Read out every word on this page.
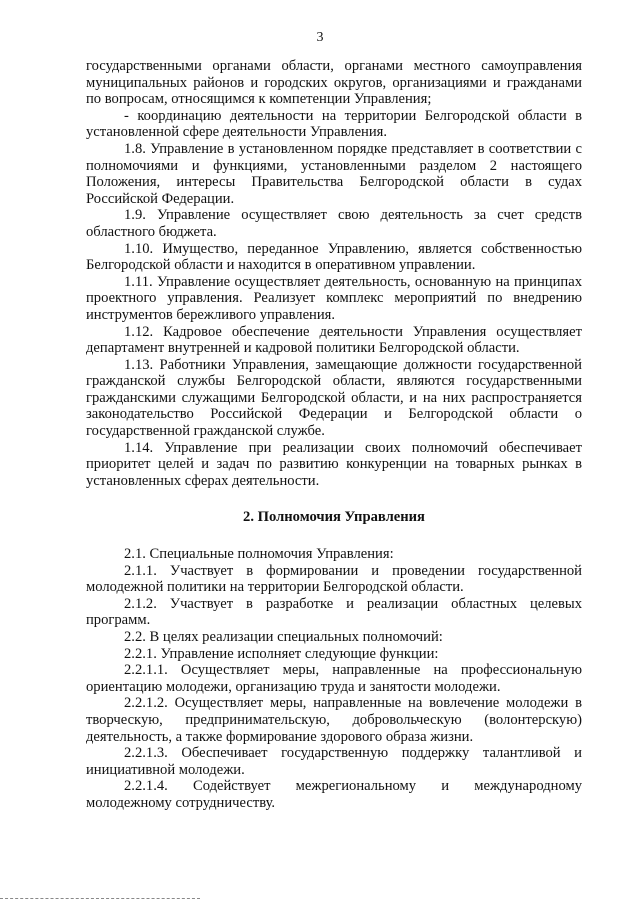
3

государственными органами области, органами местного самоуправления муниципальных районов и городских округов, организациями и гражданами по вопросам, относящимся к компетенции Управления;

- координацию деятельности на территории Белгородской области в установленной сфере деятельности Управления.

1.8. Управление в установленном порядке представляет в соответствии с полномочиями и функциями, установленными разделом 2 настоящего Положения, интересы Правительства Белгородской области в судах Российской Федерации.

1.9. Управление осуществляет свою деятельность за счет средств областного бюджета.

1.10. Имущество, переданное Управлению, является собственностью Белгородской области и находится в оперативном управлении.

1.11. Управление осуществляет деятельность, основанную на принципах проектного управления. Реализует комплекс мероприятий по внедрению инструментов бережливого управления.

1.12. Кадровое обеспечение деятельности Управления осуществляет департамент внутренней и кадровой политики Белгородской области.

1.13. Работники Управления, замещающие должности государственной гражданской службы Белгородской области, являются государственными гражданскими служащими Белгородской области, и на них распространяется законодательство Российской Федерации и Белгородской области о государственной гражданской службе.

1.14. Управление при реализации своих полномочий обеспечивает приоритет целей и задач по развитию конкуренции на товарных рынках в установленных сферах деятельности.

2. Полномочия Управления

2.1. Специальные полномочия Управления:

2.1.1. Участвует в формировании и проведении государственной молодежной политики на территории Белгородской области.

2.1.2. Участвует в разработке и реализации областных целевых программ.

2.2. В целях реализации специальных полномочий:

2.2.1. Управление исполняет следующие функции:

2.2.1.1. Осуществляет меры, направленные на профессиональную ориентацию молодежи, организацию труда и занятости молодежи.

2.2.1.2. Осуществляет меры, направленные на вовлечение молодежи в творческую, предпринимательскую, добровольческую (волонтерскую) деятельность, а также формирование здорового образа жизни.

2.2.1.3. Обеспечивает государственную поддержку талантливой и инициативной молодежи.

2.2.1.4. Содействует межрегиональному и международному молодежному сотрудничеству.
